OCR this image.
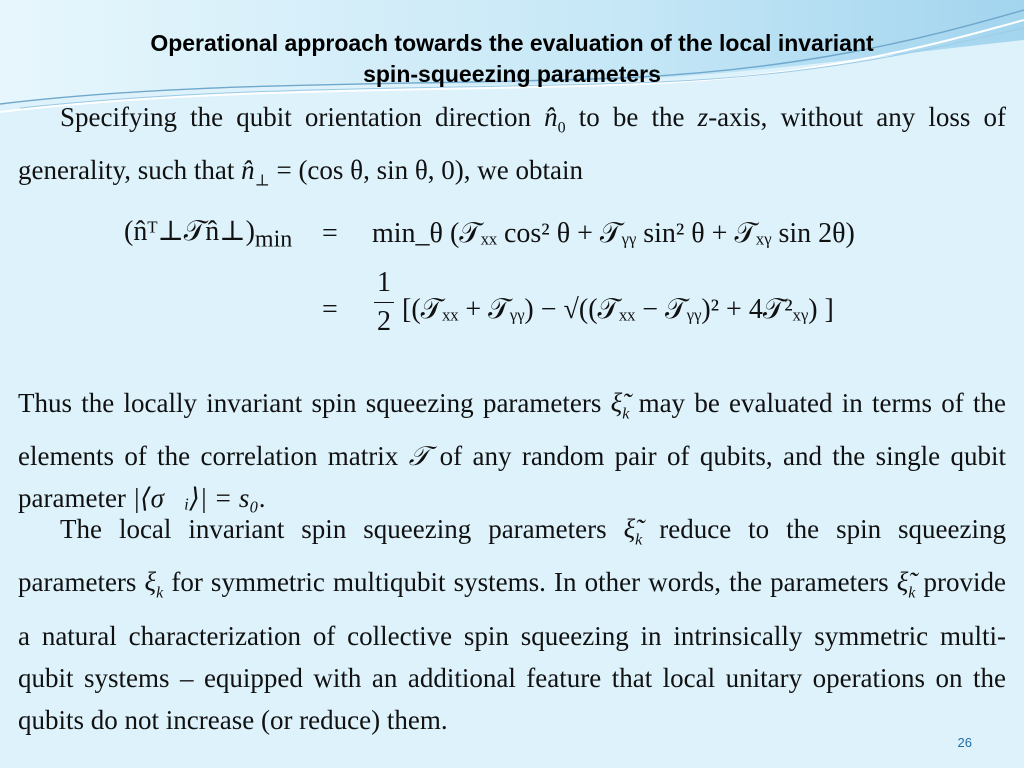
Operational approach towards the evaluation of the local invariant
spin-squeezing parameters
Specifying the qubit orientation direction $n̂_0$ to be the z-axis, without any loss of generality, such that $n̂_\perp = (\cos$ θ, sin θ, 0), we obtain
$(n̂ᵀ\perp 𝒯n̂\perp)_{min}$ = min_θ (𝒯ₓₓ cos² θ + 𝒯ᵧᵧ sin² θ + 𝒯ₓᵧ sin 2θ)
=
1
2 [(𝒯ₓₓ + 𝒯ᵧᵧ) − √((𝒯ₓₓ − 𝒯ᵧᵧ)² + 4𝒯²ₓᵧ) ]
Thus the locally invariant spin squeezing parameters $\xĩ_k$ may be evaluated in terms of the elements of the correlation matrix 𝒯 of any random pair of qubits, and the single qubit parameter |⟨σ⃗ᵢ⟩| = s₀.
The local invariant spin squeezing parameters $\xĩ_k$ reduce to the spin squeezing parameters $\xi_k$ for symmetric multiqubit systems. In other words, the parameters $\xĩ_k$ provide a natural characterization of collective spin squeezing in intrinsically symmetric multi-qubit systems – equipped with an additional feature that local unitary operations on the qubits do not increase (or reduce) them.
26
